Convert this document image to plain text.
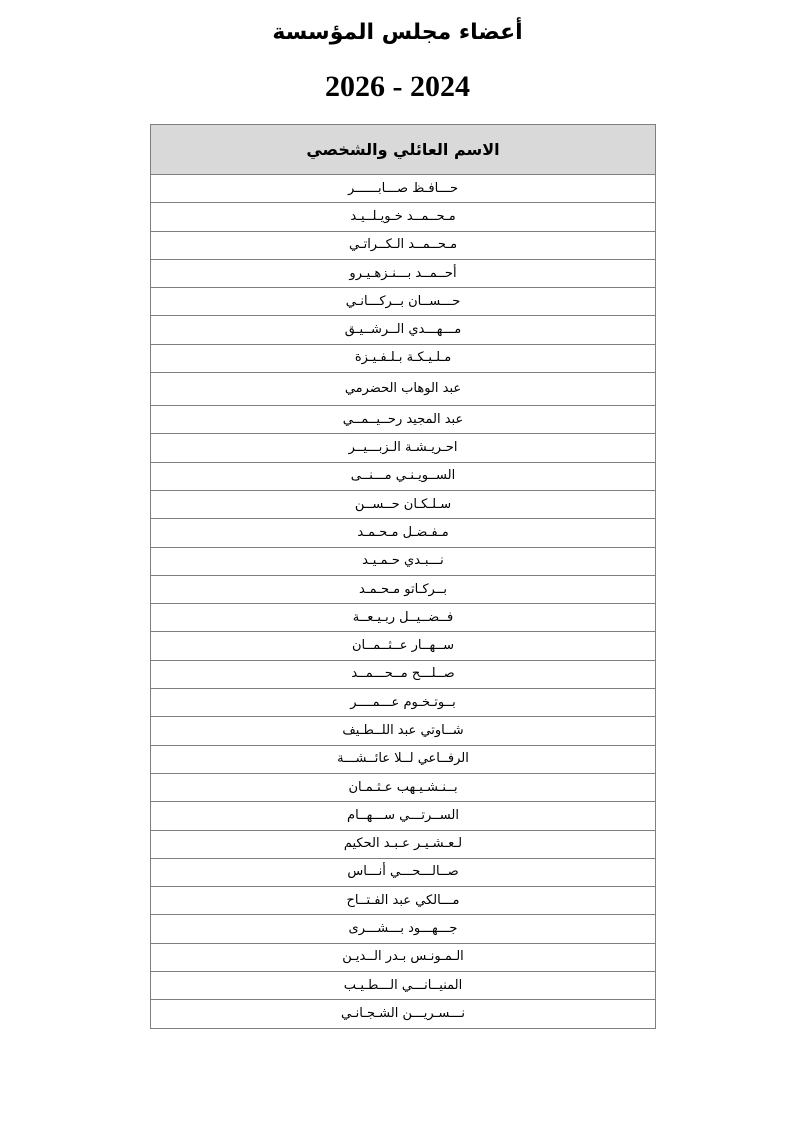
أعضاء مجلس المؤسسة
2026 - 2024
الاسم العائلي والشخصي
حـــافـظ صـــابــــــر
مـحــمــد خـويـلــيـد
مـحــمــد الـكــراتـي
أحــمــد بـــنـزهـيـرو
حـــســان بــركـــانـي
مـــهـــدي الــرشــيـق
مـلـيـكـة بـلـفـيـزة
عبد الوهاب الحضرمي
عبد المجيد رحــيــمــي
احـريـشـة الـزبـــيــر
الســويـنـي مـــنــى
سـلـكـان حــســن
مـفـضـل مـحـمـد
نـــبـدي حـمـيـد
بــركـاتو مـحـمـد
فــضــيــل ربـيـعــة
ســهــار عــثــمــان
صــلـــح مــحـــمــد
بــوتـخـوم عـــمــــر
شــاوتي عبد اللــطـيف
الرفــاعي لــلا عائــشـــة
بــنـشـيـهب عـثـمـان
الســرتـــي ســـهــام
لـعـشـيـر عـبـد الحكيم
صــالـــحـــي أنـــاس
مـــالكي عبد الفـتــاح
جـــهـــود بـــشـــرى
الـمـونـس بـدر الــديـن
المنيــانـــي الـــطـيـب
نـــسـريـــن الشـجـانـي
